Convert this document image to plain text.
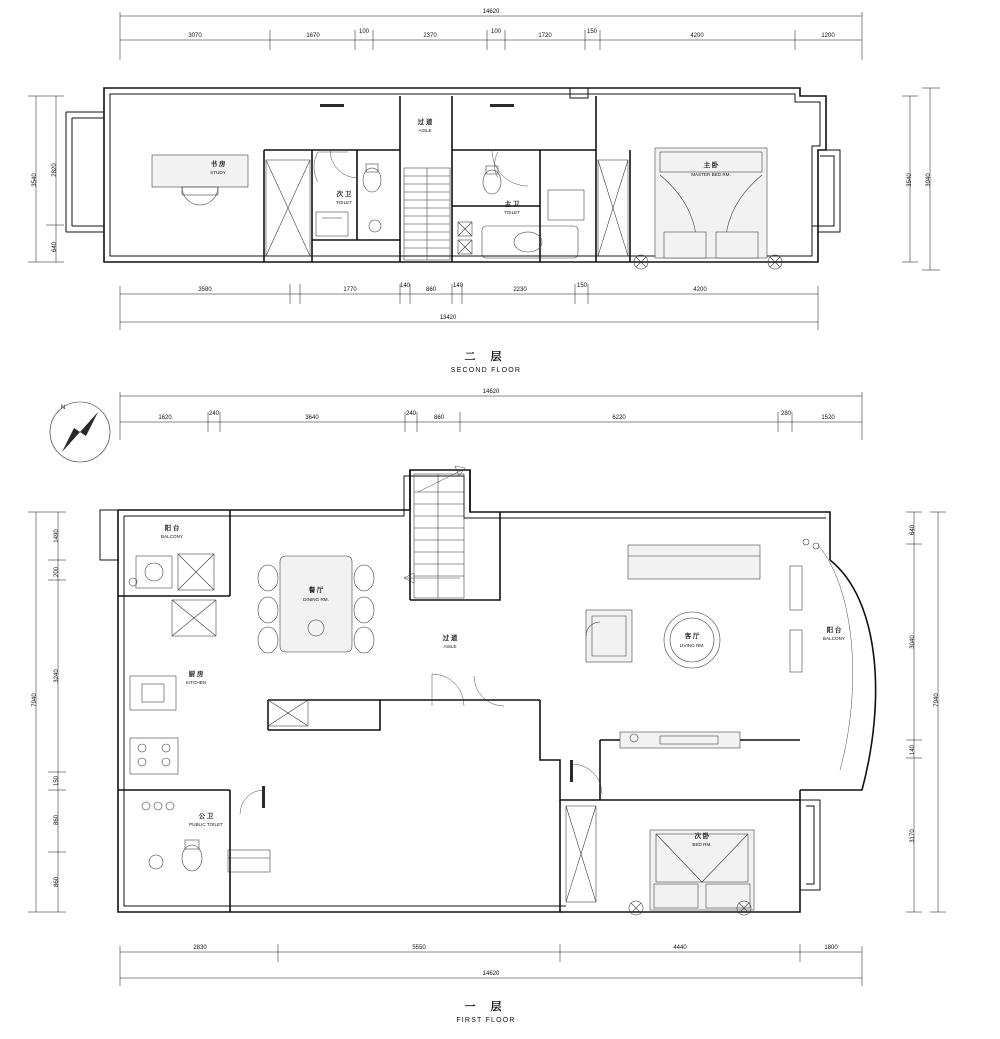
14620
3070	1670
100
2370
100
1720
150
4200	1200
3540
2820
640
3940
3540
书 房
STUDY
次 卫
TOILET
过 道
AISLE
主 卫
TOILET
主 卧
MASTER BED RM.
3580	1770
140
860
140
2230
150
4200
13420
二 层
SECOND FLOOR
N
14620
1620
240
3640
240
860	6220
280
1520
7940
1490
200
3240
150
860
860
7940
640
3040
140
3170
阳 台
BALCONY
餐 厅
DINING RM.
厨 房
KITCHEN
过 道
AISLE
公 卫
PUBLIC TOILET
客 厅
LIVING RM.
阳 台
BALCONY
次 卧
BED RM.
2830	5550	4440	1800
14620
一 层
FIRST FLOOR
